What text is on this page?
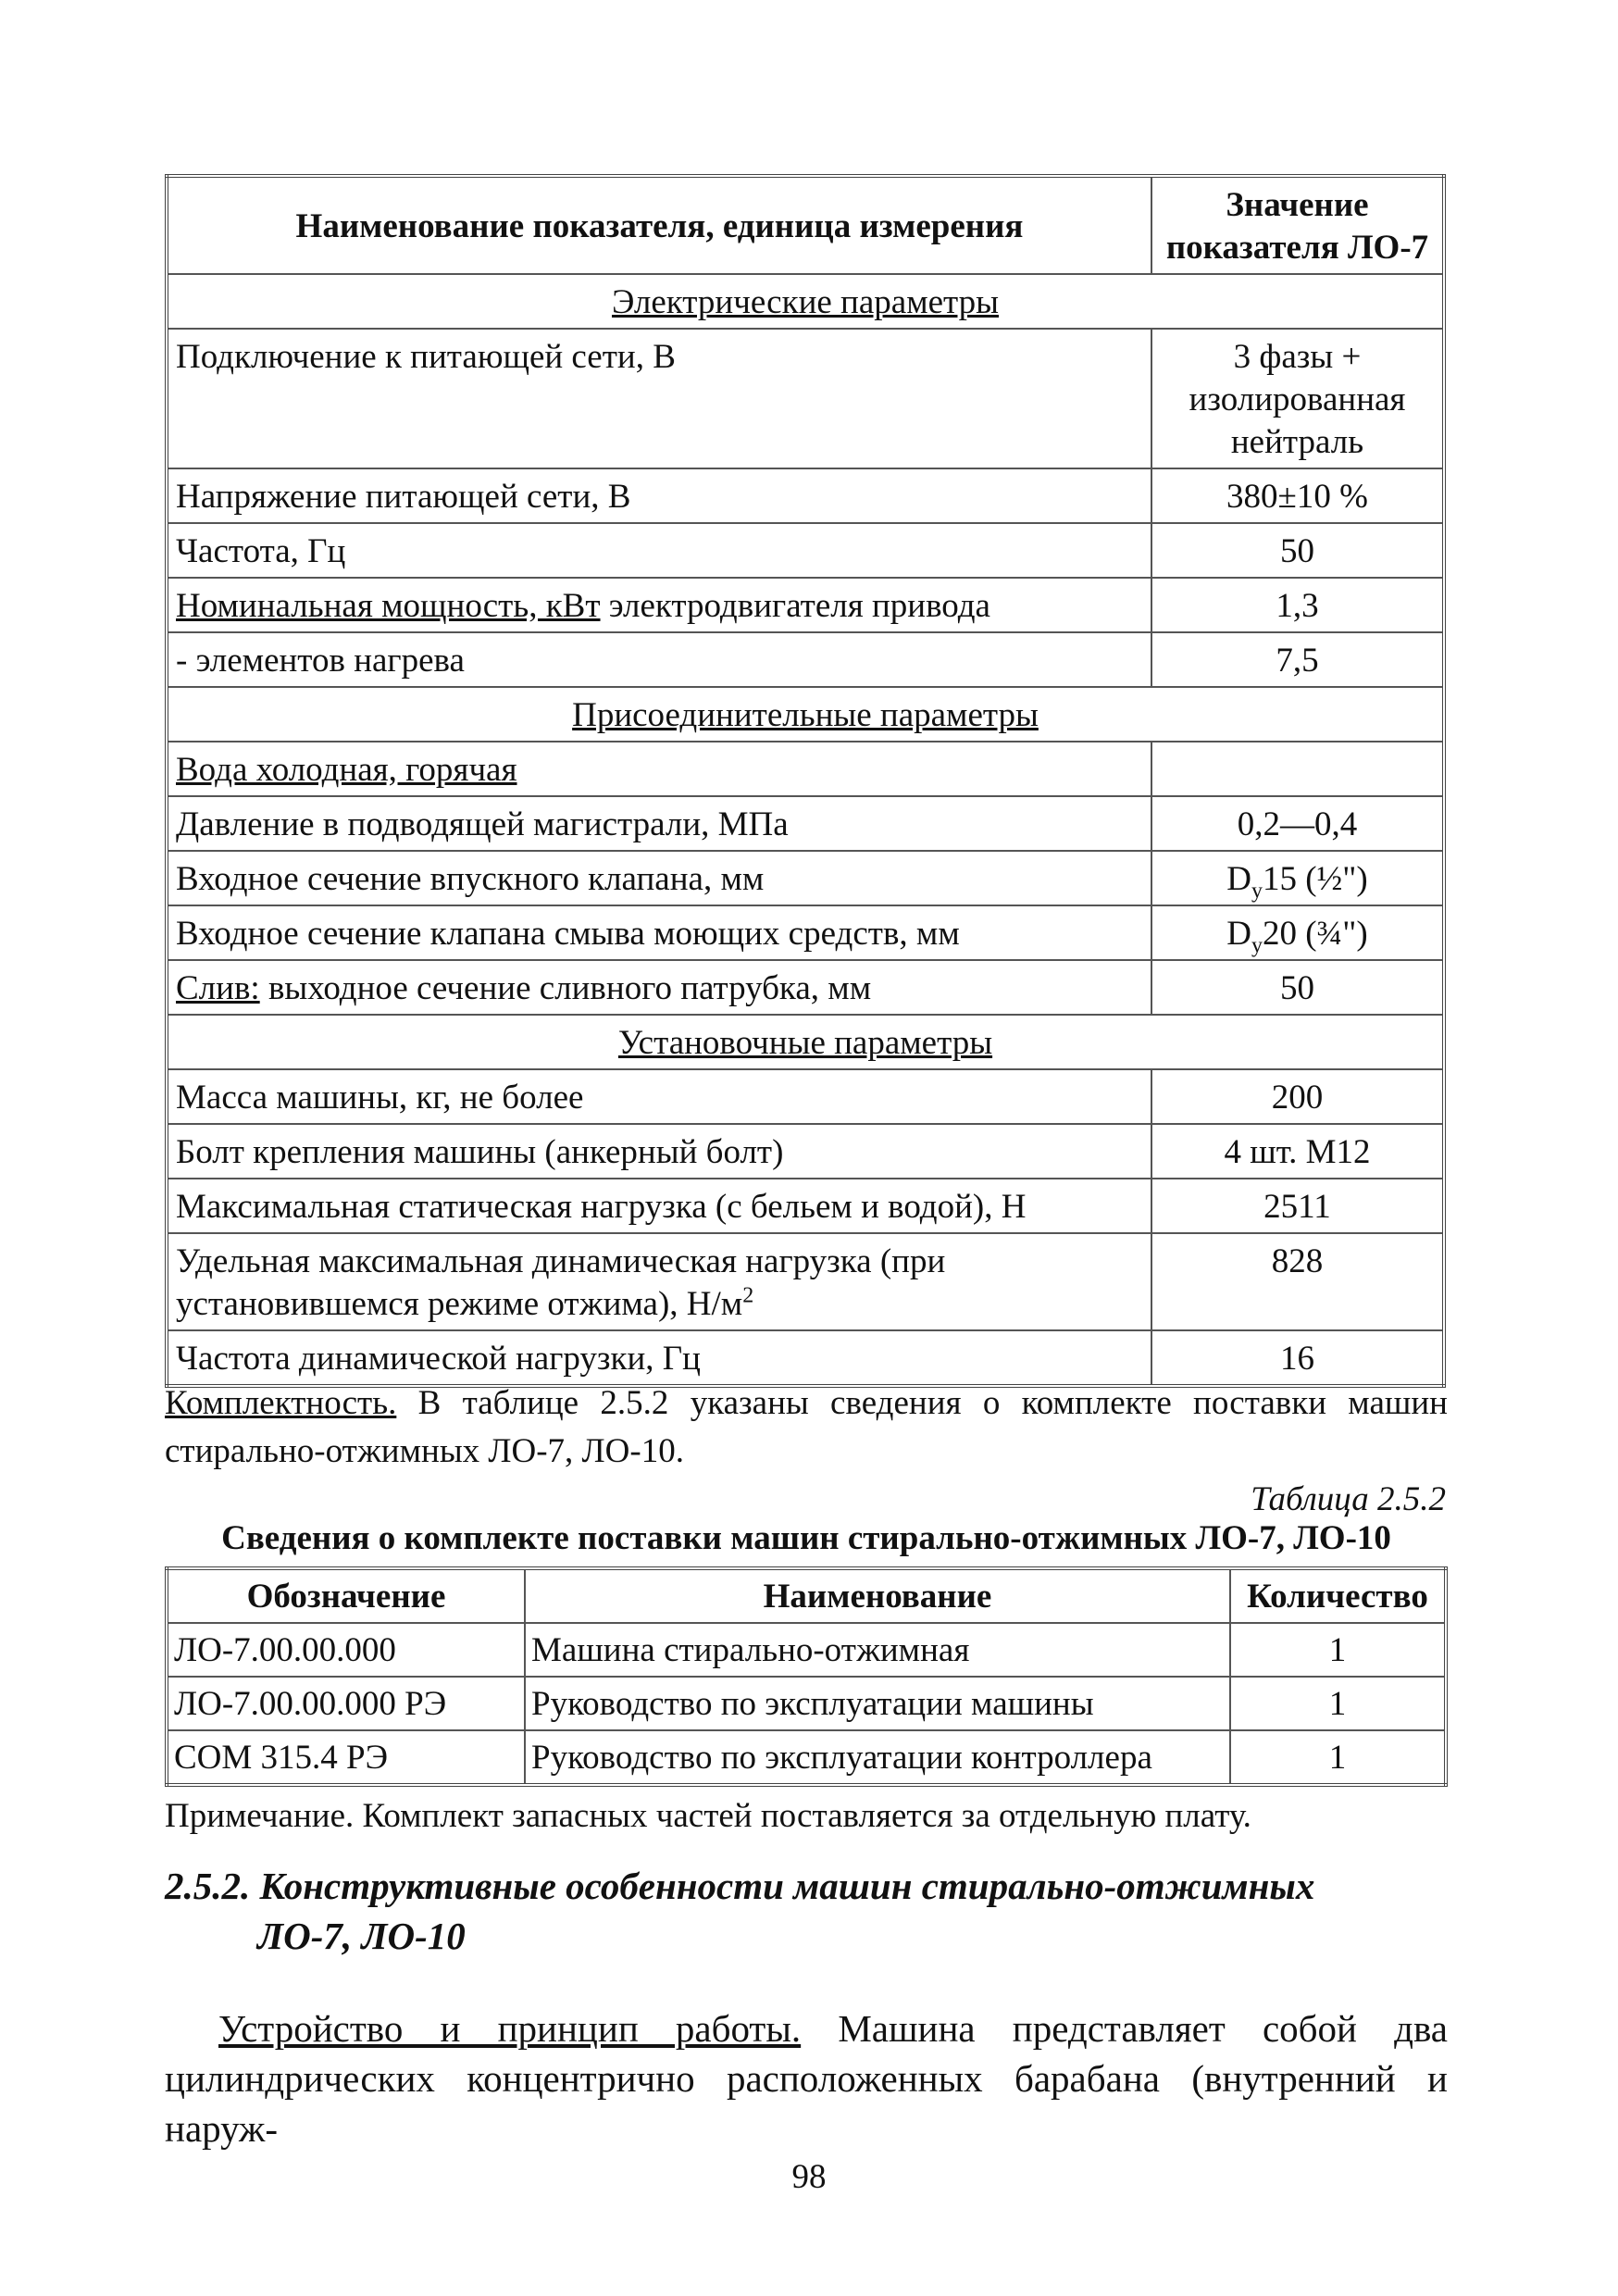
Наименование показателя, единица измерения	Значение показателя ЛО-7
Электрические параметры	
Подключение к питающей сети, В	3 фазы + изолированная нейтраль
Напряжение питающей сети, В	380±10 %
Частота, Гц	50
Номинальная мощность, кВт электродвигателя привода	1,3
- элементов нагрева	7,5
Присоединительные параметры	
Вода холодная, горячая	
Давление в подводящей магистрали, МПа	0,2—0,4
Входное сечение впускного клапана, мм	$D_y15$ (½")
Входное сечение клапана смыва моющих средств, мм	$D_y20$ (¾")
Слив: выходное сечение сливного патрубка, мм	50
Установочные параметры	
Масса машины, кг, не более	200
Болт крепления машины (анкерный болт)	4 шт. М12
Максимальная статическая нагрузка (с бельем и водой), Н	2511
Удельная максимальная динамическая нагрузка (при установившемся режиме отжима), $Н/м^2$	828
Частота динамической нагрузки, Гц	16

Комплектность. В таблице 2.5.2 указаны сведения о комплекте поставки машин стирально-отжимных ЛО-7, ЛО-10.

Таблица 2.5.2

Сведения о комплекте поставки машин стирально-отжимных ЛО-7, ЛО-10

Обозначение	Наименование	Количество
ЛО-7.00.00.000	Машина стирально-отжимная	1
ЛО-7.00.00.000 РЭ	Руководство по эксплуатации машины	1
СОМ 315.4 РЭ	Руководство по эксплуатации контроллера	1

Примечание. Комплект запасных частей поставляется за отдельную плату.

2.5.2. Конструктивные особенности машин стирально-отжимных
ЛО-7, ЛО-10

Устройство и принцип работы. Машина представляет собой два цилиндрических концентрично расположенных барабана (внутренний и наруж-

98
